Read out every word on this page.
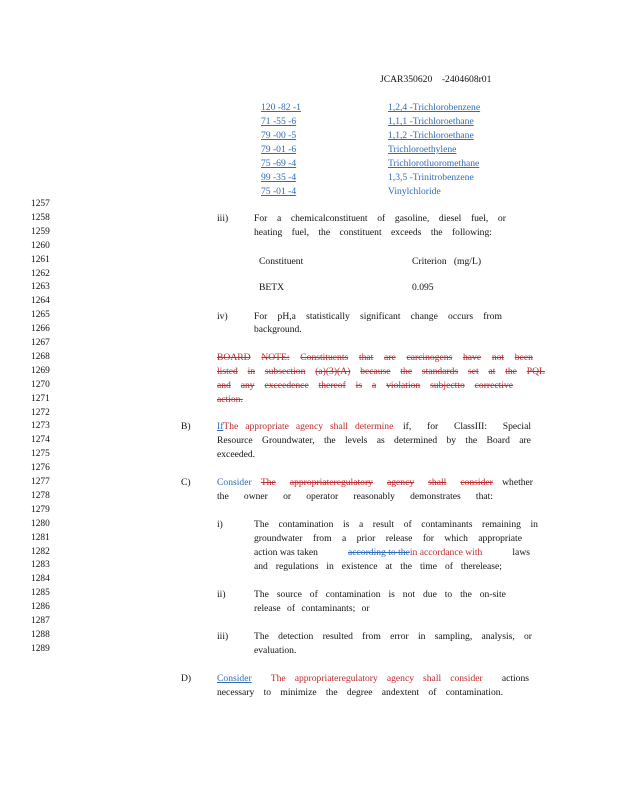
JCAR350620 -2404608r01
120 -82 -1	1,2,4 -Trichlorobenzene
71 -55 -6	1,1,1 -Trichloroethane
79 -00 -5	1,1,2 -Trichloroethane
79 -01 -6	Trichloroethylene
75 -69 -4	Trichlorotluoromethane
99 -35 -4	1,3,5 -Trinitrobenzene
75 -01 -4	Vinylchloride
1257
1258
1259
1260
1261
1262
1263
1264
1265
1266
1267
1268
1269
1270
1271
1272
1273
1274
1275
1276
1277
1278
1279
1280
1281
1282
1283
1284
1285
1286
1287
1288
1289
iii)	For a chemicalconstituent of gasoline, diesel fuel, or
heating fuel, the constituent exceeds the following:
Constituent	Criterion (mg/L)
BETX	0.095
iv)	For pH,a statistically significant change occurs from
background.
BOARD NOTE: Constituents that are carcinogens have not been
listed in subsection (a)(3)(A) because the standards set at the PQL
and any exceedence thereof is a violation subjectto corrective
action.
B)	If The appropriate agency shall determine if, for ClassIII: Special
Resource Groundwater, the levels as determined by the Board are
exceeded.
C)	Consider The appropriateregulatory agency shall consider whether
the owner or operator reasonably demonstrates that:
i)	The contamination is a result of contaminants remaining in
groundwater from a prior release for which appropriate
action was taken	according to thein accordance with	laws
and regulations in existence at the time of therelease;
ii)	The source of contamination is not due to the on-site
release of contaminants; or
iii)	The detection resulted from error in sampling, analysis, or
evaluation.
D)	Consider The appropriateregulatory agency shall consider actions
necessary to minimize the degree andextent of contamination.
